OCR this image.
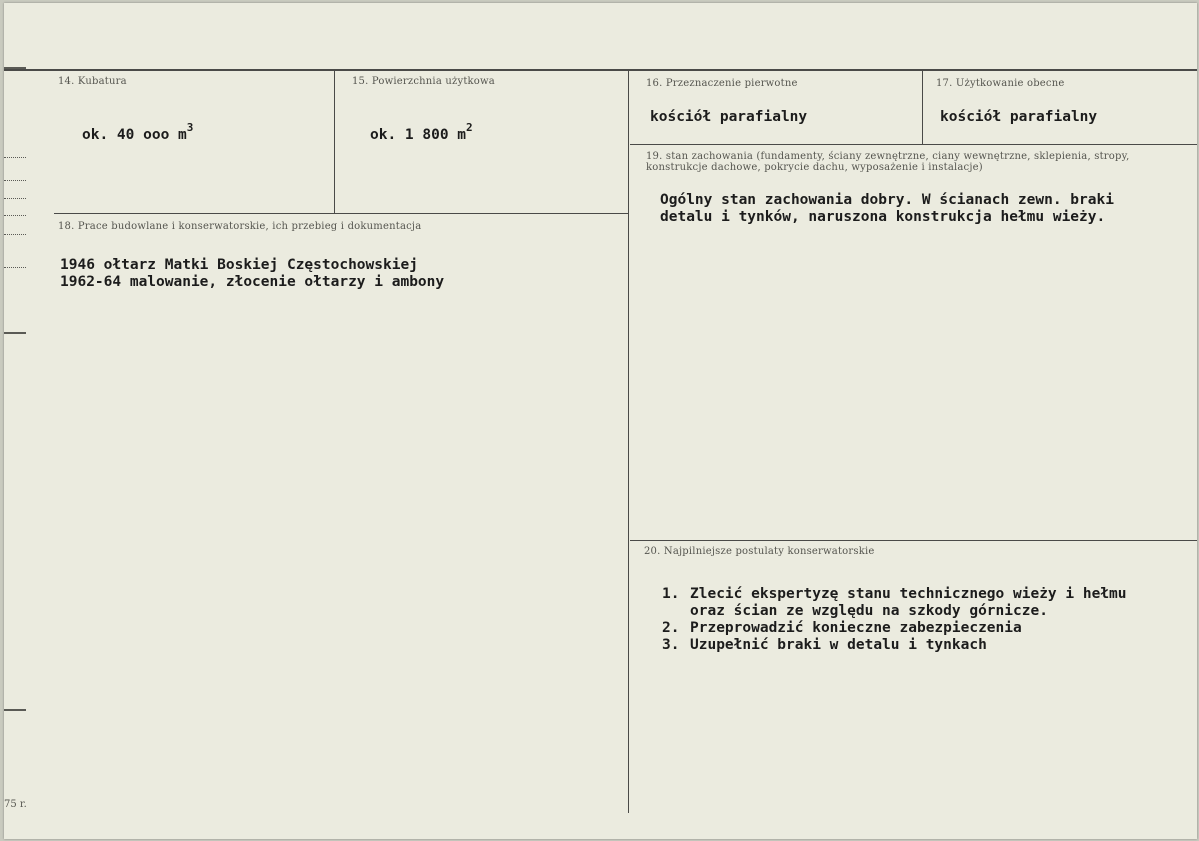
14. Kubatura
ok. 40 ooo $m^3$
15. Powierzchnia użytkowa
ok. 1 800 $m^2$
16. Przeznaczenie pierwotne
kościół parafialny
17. Użytkowanie obecne
kościół parafialny
18. Prace budowlane i konserwatorskie, ich przebieg i dokumentacja
1946 ołtarz Matki Boskiej Częstochowskiej
1962-64 malowanie, złocenie ołtarzy i ambony
19. stan zachowania (fundamenty, ściany zewnętrzne, ciany wewnętrzne, sklepienia, stropy, konstrukcje dachowe, pokrycie dachu, wyposażenie i instalacje)
Ogólny stan zachowania dobry. W ścianach zewn. braki
detalu i tynków, naruszona konstrukcja hełmu wieży.
20. Najpilniejsze postulaty konserwatorskie
1. Zlecić ekspertyzę stanu technicznego wieży i hełmu
oraz ścian ze względu na szkody górnicze.
2. Przeprowadzić konieczne zabezpieczenia
3. Uzupełnić braki w detalu i tynkach
75 r.
